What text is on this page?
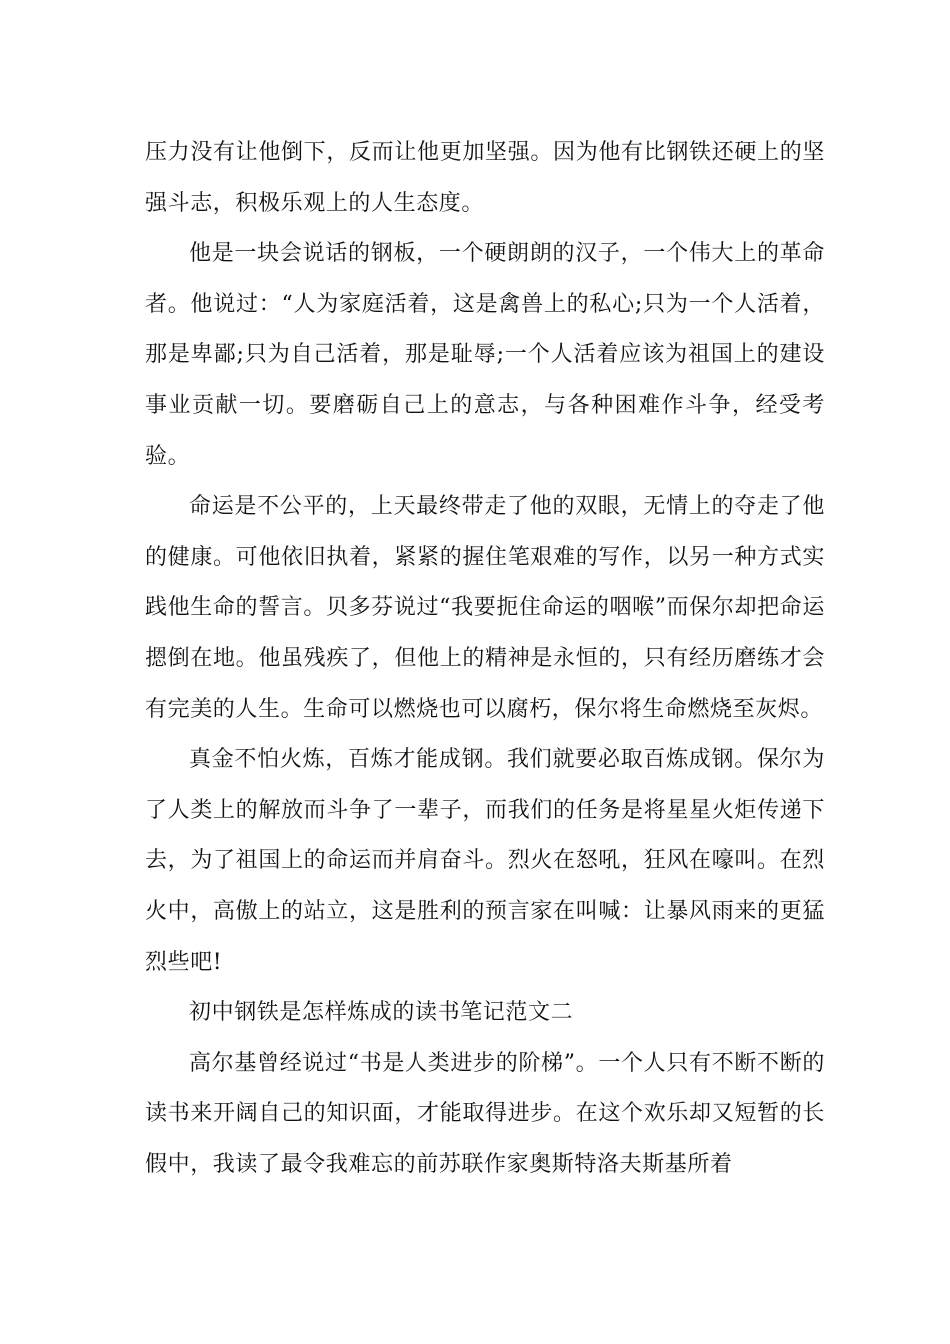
压力没有让他倒下，反而让他更加坚强。因为他有比钢铁还硬上的坚强斗志，积极乐观上的人生态度。

他是一块会说话的钢板，一个硬朗朗的汉子，一个伟大上的革命者。他说过：“人为家庭活着，这是禽兽上的私心;只为一个人活着，那是卑鄙;只为自己活着，那是耻辱;一个人活着应该为祖国上的建设事业贡献一切。要磨砺自己上的意志，与各种困难作斗争，经受考验。

命运是不公平的，上天最终带走了他的双眼，无情上的夺走了他的健康。可他依旧执着，紧紧的握住笔艰难的写作，以另一种方式实践他生命的誓言。贝多芬说过“我要扼住命运的咽喉”而保尔却把命运摁倒在地。他虽残疾了，但他上的精神是永恒的，只有经历磨练才会有完美的人生。生命可以燃烧也可以腐朽，保尔将生命燃烧至灰烬。

真金不怕火炼，百炼才能成钢。我们就要必取百炼成钢。保尔为了人类上的解放而斗争了一辈子，而我们的任务是将星星火炬传递下去，为了祖国上的命运而并肩奋斗。烈火在怒吼，狂风在嚎叫。在烈火中，高傲上的站立，这是胜利的预言家在叫喊：让暴风雨来的更猛烈些吧!

初中钢铁是怎样炼成的读书笔记范文二

高尔基曾经说过“书是人类进步的阶梯”。一个人只有不断不断的读书来开阔自己的知识面，才能取得进步。在这个欢乐却又短暂的长假中，我读了最令我难忘的前苏联作家奥斯特洛夫斯基所着
